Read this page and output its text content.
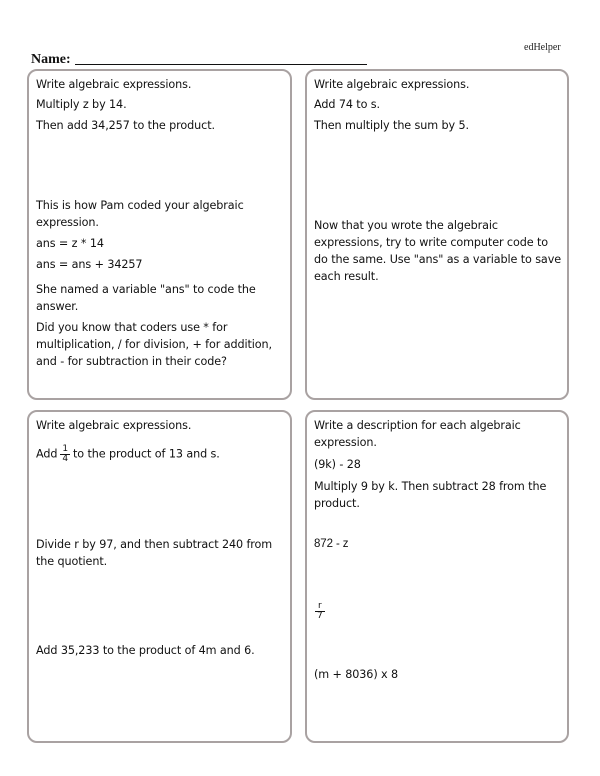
edHelper
Name:
Write algebraic expressions.
Multiply z by 14.
Then add 34,257 to the product.
This is how Pam coded your algebraic expression.
ans = z * 14
ans = ans + 34257
She named a variable "ans" to code the answer.
Did you know that coders use * for multiplication, / for division, + for addition, and - for subtraction in their code?
Write algebraic expressions.
Add 74 to s.
Then multiply the sum by 5.
Now that you wrote the algebraic expressions, try to write computer code to do the same. Use "ans" as a variable to save each result.
Write algebraic expressions.
Add $\frac{1}{4}$ to the product of 13 and s.
Divide r by 97, and then subtract 240 from the quotient.
Add 35,233 to the product of 4m and 6.
Write a description for each algebraic expression.
(9k) - 28
Multiply 9 by k. Then subtract 28 from the product.
872 - z
$\frac{r}{7}$
(m + 8036) x 8
